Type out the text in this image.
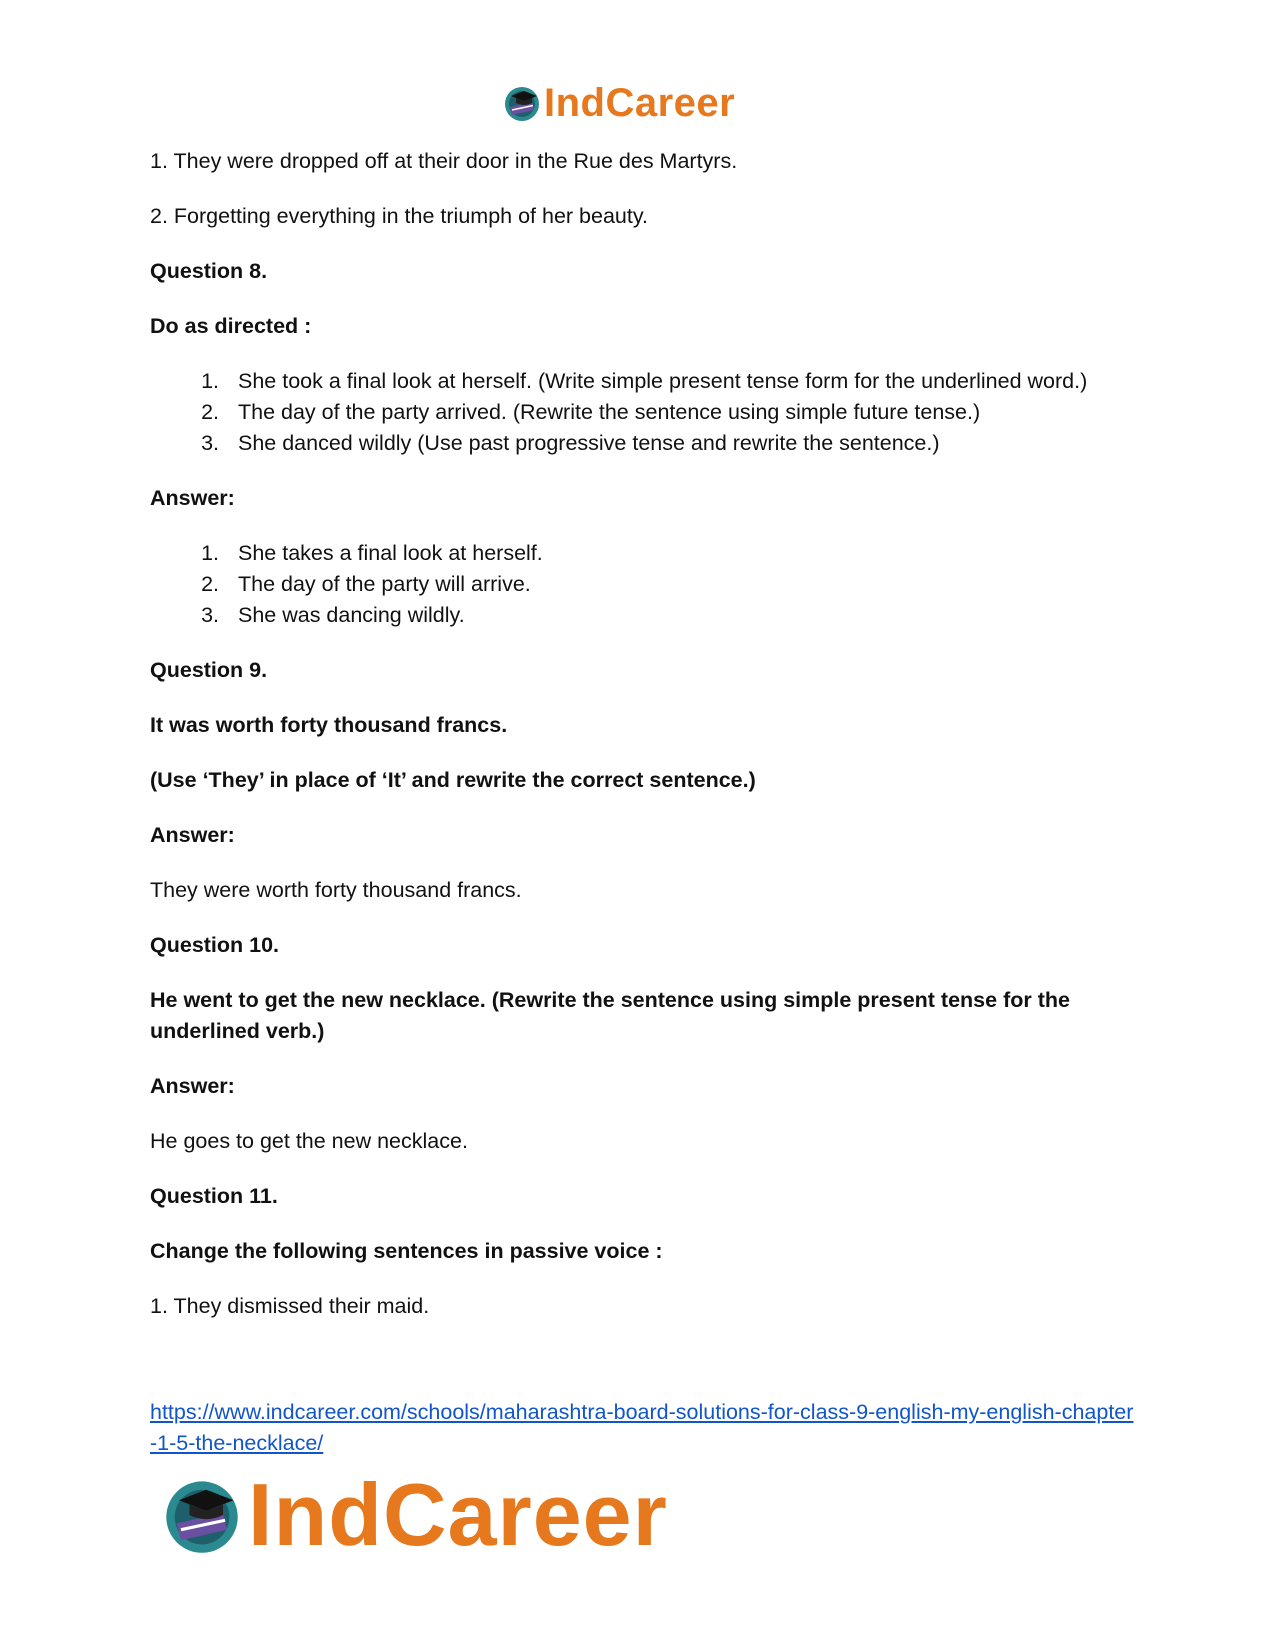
IndCareer

1. They were dropped off at their door in the Rue des Martyrs.

2. Forgetting everything in the triumph of her beauty.

Question 8.

Do as directed :

1. She took a final look at herself. (Write simple present tense form for the underlined word.)
2. The day of the party arrived. (Rewrite the sentence using simple future tense.)
3. She danced wildly (Use past progressive tense and rewrite the sentence.)

Answer:

1. She takes a final look at herself.
2. The day of the party will arrive.
3. She was dancing wildly.

Question 9.

It was worth forty thousand francs.

(Use ‘They’ in place of ‘It’ and rewrite the correct sentence.)

Answer:

They were worth forty thousand francs.

Question 10.

He went to get the new necklace. (Rewrite the sentence using simple present tense for the underlined verb.)

Answer:

He goes to get the new necklace.

Question 11.

Change the following sentences in passive voice :

1. They dismissed their maid.

https://www.indcareer.com/schools/maharashtra-board-solutions-for-class-9-english-my-english-chapter-1-5-the-necklace/
IndCareer
